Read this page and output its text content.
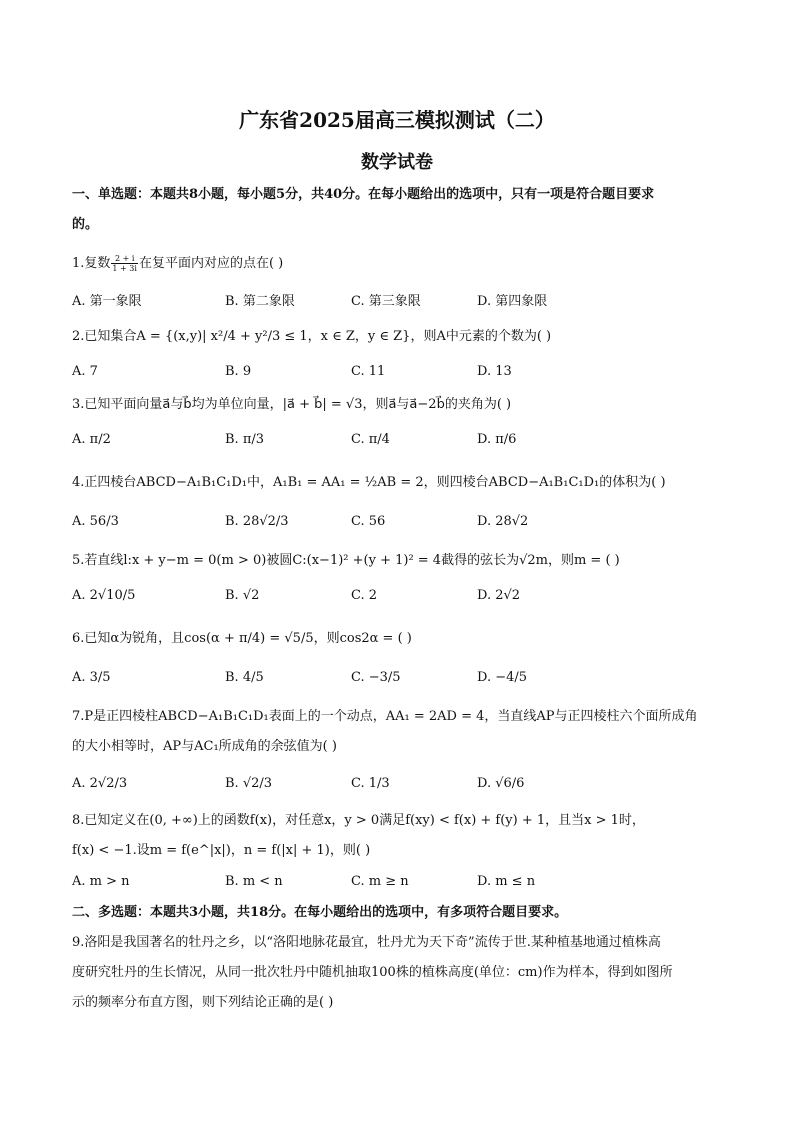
广东省2025届高三模拟测试（二）
数学试卷
一、单选题：本题共8小题，每小题5分，共40分。在每小题给出的选项中，只有一项是符合题目要求
的。
1.复数 $\frac{2 + i}{1 + 3i}$ 在复平面内对应的点在( )
A. 第一象限	B. 第二象限	C. 第三象限	D. 第四象限
2.已知集合A = {(x,y)| x²/4 + y²/3 ≤ 1，x ∈ Z，y ∈ Z}，则A中元素的个数为( )
A. 7	B. 9	C. 11	D. 13
3.已知平面向量a⃗与b⃗均为单位向量，|a⃗ + b⃗| = √3，则a⃗与a⃗−2b⃗的夹角为( )
A. π/2	B. π/3	C. π/4	D. π/6
4.正四棱台ABCD−A₁B₁C₁D₁中，A₁B₁ = AA₁ = ½AB = 2，则四棱台ABCD−A₁B₁C₁D₁的体积为( )
A. 56/3	B. 28√2/3	C. 56	D. 28√2
5.若直线l:x + y−m = 0(m > 0)被圆C:(x−1)² +(y + 1)² = 4截得的弦长为√2m，则m = ( )
A. 2√10/5	B. √2	C. 2	D. 2√2
6.已知α为锐角，且cos(α + π/4) = √5/5，则cos2α = ( )
A. 3/5	B. 4/5	C. −3/5	D. −4/5
7.P是正四棱柱ABCD−A₁B₁C₁D₁表面上的一个动点，AA₁ = 2AD = 4，当直线AP与正四棱柱六个面所成角
的大小相等时，AP与AC₁所成角的余弦值为( )
A. 2√2/3	B. √2/3	C. 1/3	D. √6/6
8.已知定义在(0, +∞)上的函数f(x)，对任意x，y > 0满足f(xy) < f(x) + f(y) + 1，且当x > 1时，
f(x) < −1.设m = f(e^|x|)，n = f(|x| + 1)，则( )
A. m > n	B. m < n	C. m ≥ n	D. m ≤ n
二、多选题：本题共3小题，共18分。在每小题给出的选项中，有多项符合题目要求。
9.洛阳是我国著名的牡丹之乡，以“洛阳地脉花最宜，牡丹尤为天下奇”流传于世.某种植基地通过植株高
度研究牡丹的生长情况，从同一批次牡丹中随机抽取100株的植株高度(单位：cm)作为样本，得到如图所
示的频率分布直方图，则下列结论正确的是( )
